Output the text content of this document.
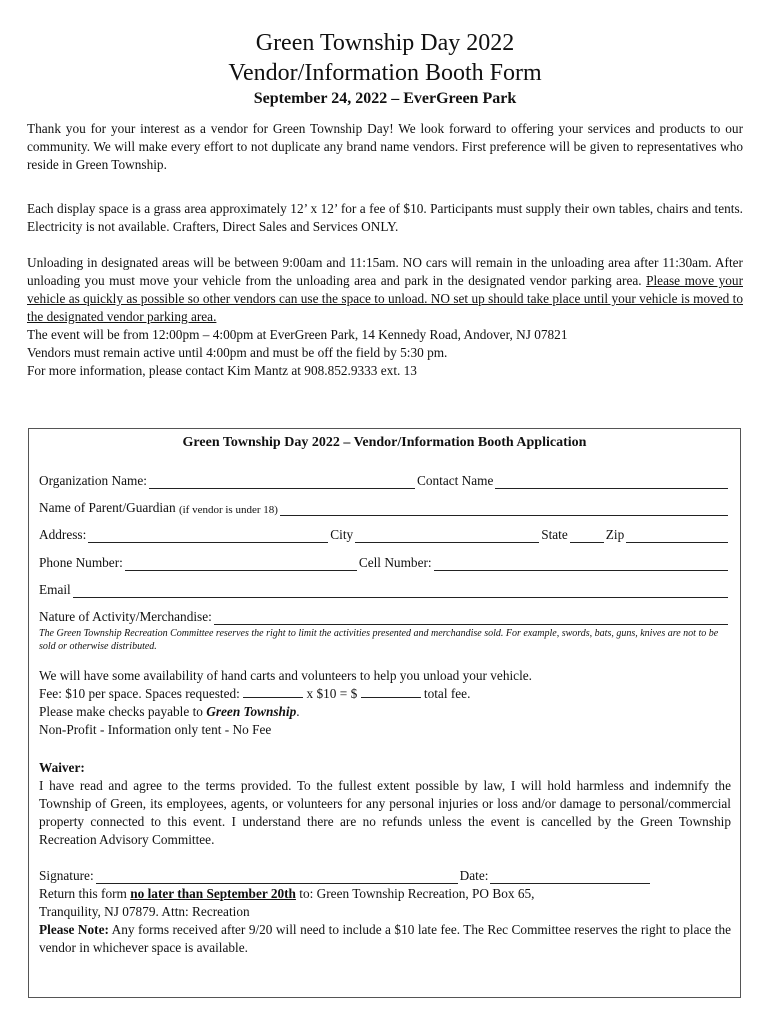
Green Township Day 2022
Vendor/Information Booth Form
September 24, 2022 – EverGreen Park
Thank you for your interest as a vendor for Green Township Day! We look forward to offering your services and products to our community. We will make every effort to not duplicate any brand name vendors. First preference will be given to representatives who reside in Green Township.
Each display space is a grass area approximately 12’ x 12’ for a fee of $10. Participants must supply their own tables, chairs and tents. Electricity is not available. Crafters, Direct Sales and Services ONLY.
Unloading in designated areas will be between 9:00am and 11:15am. NO cars will remain in the unloading area after 11:30am. After unloading you must move your vehicle from the unloading area and park in the designated vendor parking area. Please move your vehicle as quickly as possible so other vendors can use the space to unload. NO set up should take place until your vehicle is moved to the designated vendor parking area.
The event will be from 12:00pm – 4:00pm at EverGreen Park, 14 Kennedy Road, Andover, NJ 07821
Vendors must remain active until 4:00pm and must be off the field by 5:30 pm.
For more information, please contact Kim Mantz at 908.852.9333 ext. 13
Green Township Day 2022 – Vendor/Information Booth Application
Organization Name:	Contact Name
Name of Parent/Guardian
(if vendor is under 18)
Address:	City	State	Zip
Phone Number:	Cell Number:
Email
Nature of Activity/Merchandise:
The Green Township Recreation Committee reserves the right to limit the activities presented and merchandise sold. For example, swords, bats, guns, knives are not to be sold or otherwise distributed.
We will have some availability of hand carts and volunteers to help you unload your vehicle.
Fee: $10 per space. Spaces requested:	x $10 = $	total fee.
Please make checks payable to Green Township.
Non-Profit - Information only tent - No Fee
Waiver:
I have read and agree to the terms provided. To the fullest extent possible by law, I will hold harmless and indemnify the Township of Green, its employees, agents, or volunteers for any personal injuries or loss and/or damage to personal/commercial property connected to this event. I understand there are no refunds unless the event is cancelled by the Green Township Recreation Advisory Committee.
Signature:	Date:
Return this form no later than September 20th to: Green Township Recreation, PO Box 65,
Tranquility, NJ 07879. Attn: Recreation
Please Note: Any forms received after 9/20 will need to include a $10 late fee. The Rec Committee reserves the right to place the vendor in whichever space is available.
